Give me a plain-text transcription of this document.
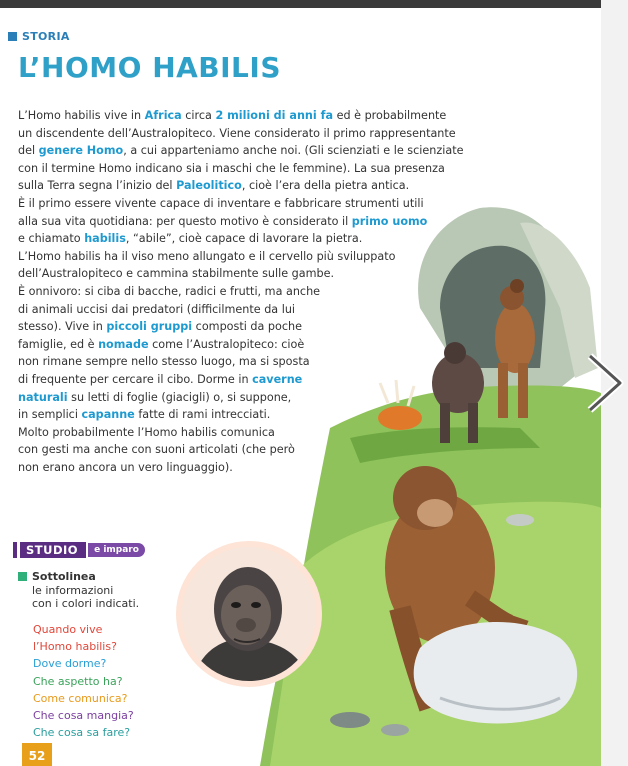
STORIA
L’HOMO HABILIS
L’Homo habilis vive in Africa circa 2 milioni di anni fa ed è probabilmente
un discendente dell’Australopiteco. Viene considerato il primo rappresentante
del genere Homo, a cui apparteniamo anche noi. (Gli scienziati e le scienziate
con il termine Homo indicano sia i maschi che le femmine). La sua presenza
sulla Terra segna l’inizio del Paleolitico, cioè l’era della pietra antica.
È il primo essere vivente capace di inventare e fabbricare strumenti utili
alla sua vita quotidiana: per questo motivo è considerato il primo uomo
e chiamato habilis, “abile”, cioè capace di lavorare la pietra.
L’Homo habilis ha il viso meno allungato e il cervello più sviluppato
dell’Australopiteco e cammina stabilmente sulle gambe.
È onnivoro: si ciba di bacche, radici e frutti, ma anche
di animali uccisi dai predatori (difficilmente da lui
stesso). Vive in piccoli gruppi composti da poche
famiglie, ed è nomade come l’Australopiteco: cioè
non rimane sempre nello stesso luogo, ma si sposta
di frequente per cercare il cibo. Dorme in caverne
naturali su letti di foglie (giacigli) o, si suppone,
in semplici capanne fatte di rami intrecciati.
Molto probabilmente l’Homo habilis comunica
con gesti ma anche con suoni articolati (che però
non erano ancora un vero linguaggio).
STUDIO	e imparo
Sottolinea
le informazioni
con i colori indicati.
Quando vive
l’Homo habilis?
Dove dorme?
Che aspetto ha?
Come comunica?
Che cosa mangia?
Che cosa sa fare?
52
